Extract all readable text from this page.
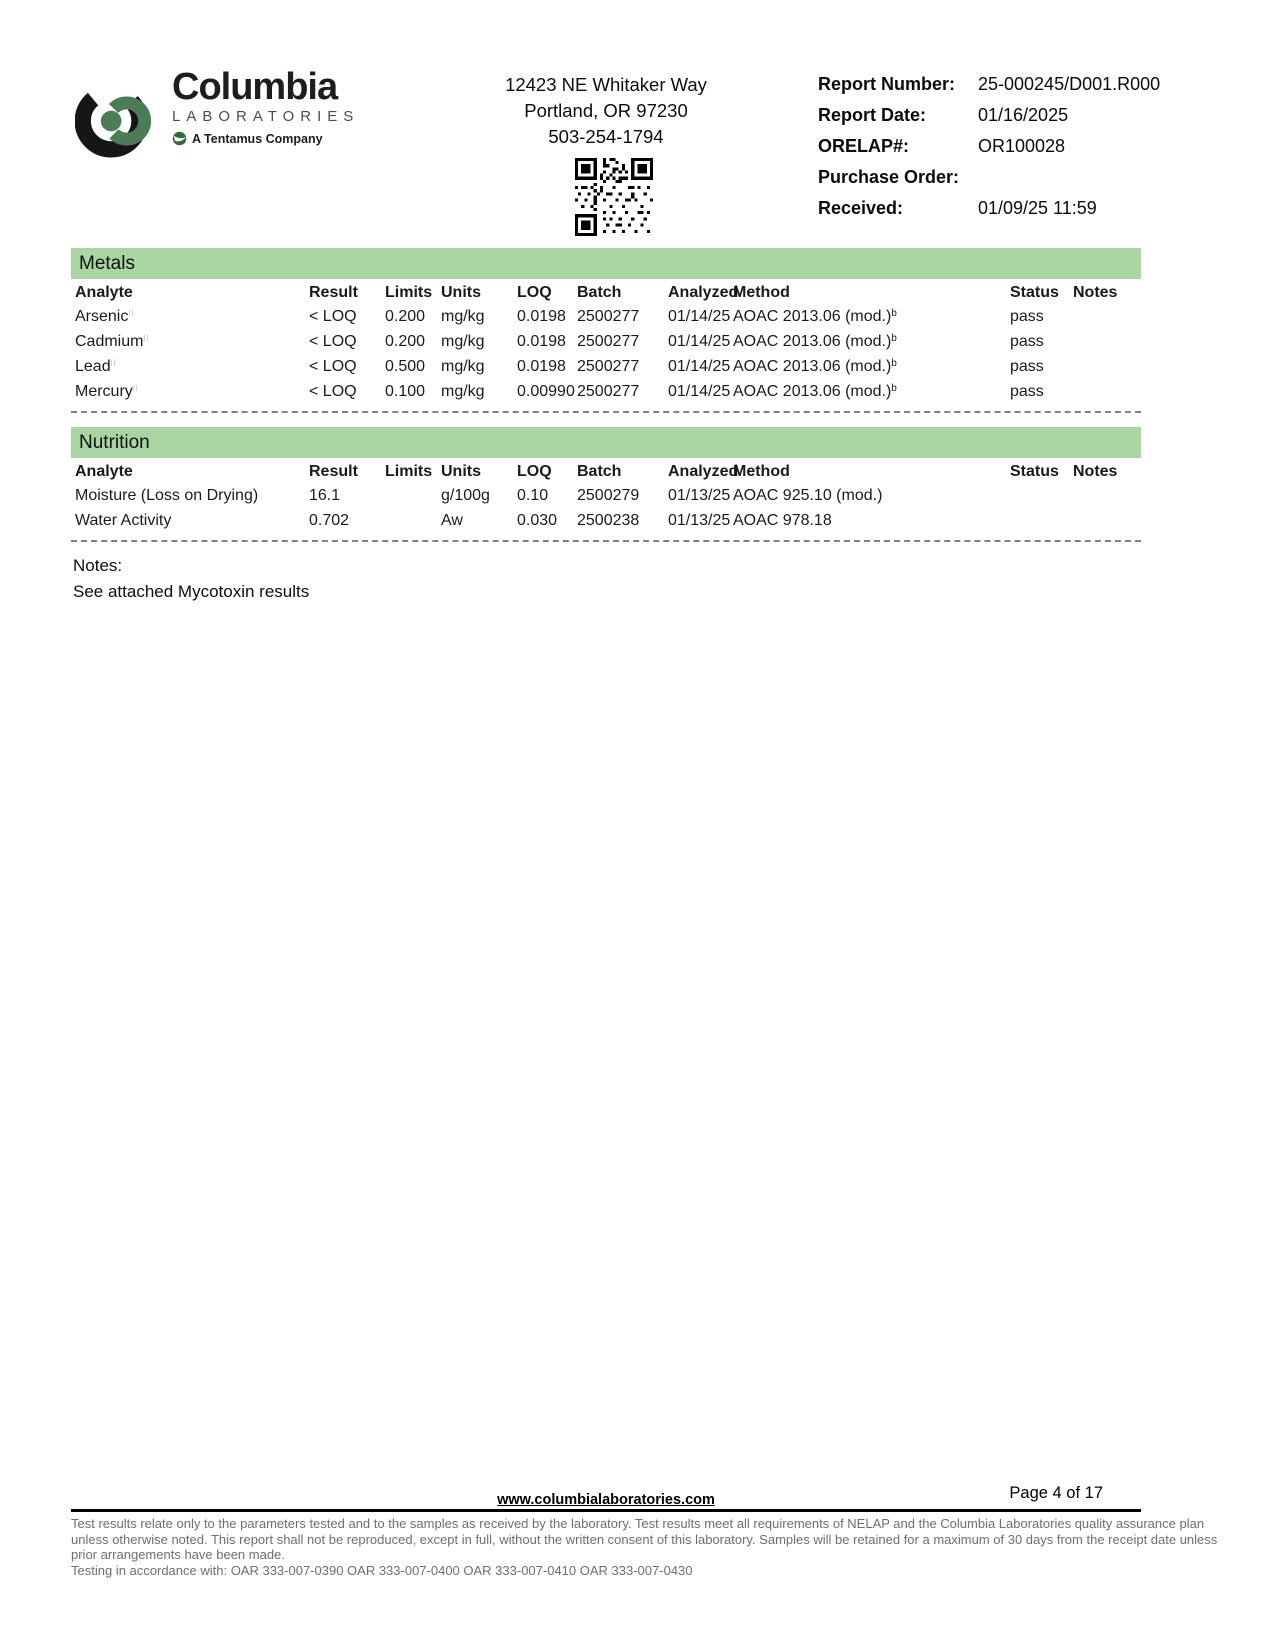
Columbia
LABORATORIES
A Tentamus Company
12423 NE Whitaker Way
Portland, OR 97230
503-254-1794
Report Number:	25-000245/D001.R000
Report Date:	01/16/2025
ORELAP#:	OR100028
Purchase Order:
Received:	01/09/25 11:59
Metals
Analyte	Result	Limits	Units	LOQ	Batch	Analyzed	Method	Status	Notes
Arsenic$^{ll}$	< LOQ	0.200	mg/kg	0.0198	2500277	01/14/25	AOAC 2013.06 $(mod.)^b$	pass	
Cadmium$^{ll}$	< LOQ	0.200	mg/kg	0.0198	2500277	01/14/25	AOAC 2013.06 $(mod.)^b$	pass	
Lead$^{ll}$	< LOQ	0.500	mg/kg	0.0198	2500277	01/14/25	AOAC 2013.06 $(mod.)^b$	pass	
Mercury$^{ll}$	< LOQ	0.100	mg/kg	0.00990	2500277	01/14/25	AOAC 2013.06 $(mod.)^b$	pass	
Nutrition
Analyte	Result	Limits	Units	LOQ	Batch	Analyzed	Method	Status	Notes
Moisture (Loss on Drying)	16.1		g/100g	0.10	2500279	01/13/25	AOAC 925.10 (mod.)		
Water Activity	0.702		Aw	0.030	2500238	01/13/25	AOAC 978.18		
Notes:
See attached Mycotoxin results
Page 4 of 17
www.columbialaboratories.com
Test results relate only to the parameters tested and to the samples as received by the laboratory. Test results meet all requirements of NELAP and the Columbia Laboratories quality assurance plan
unless otherwise noted. This report shall not be reproduced, except in full, without the written consent of this laboratory. Samples will be retained for a maximum of 30 days from the receipt date unless
prior arrangements have been made.
Testing in accordance with: OAR 333-007-0390 OAR 333-007-0400 OAR 333-007-0410 OAR 333-007-0430
